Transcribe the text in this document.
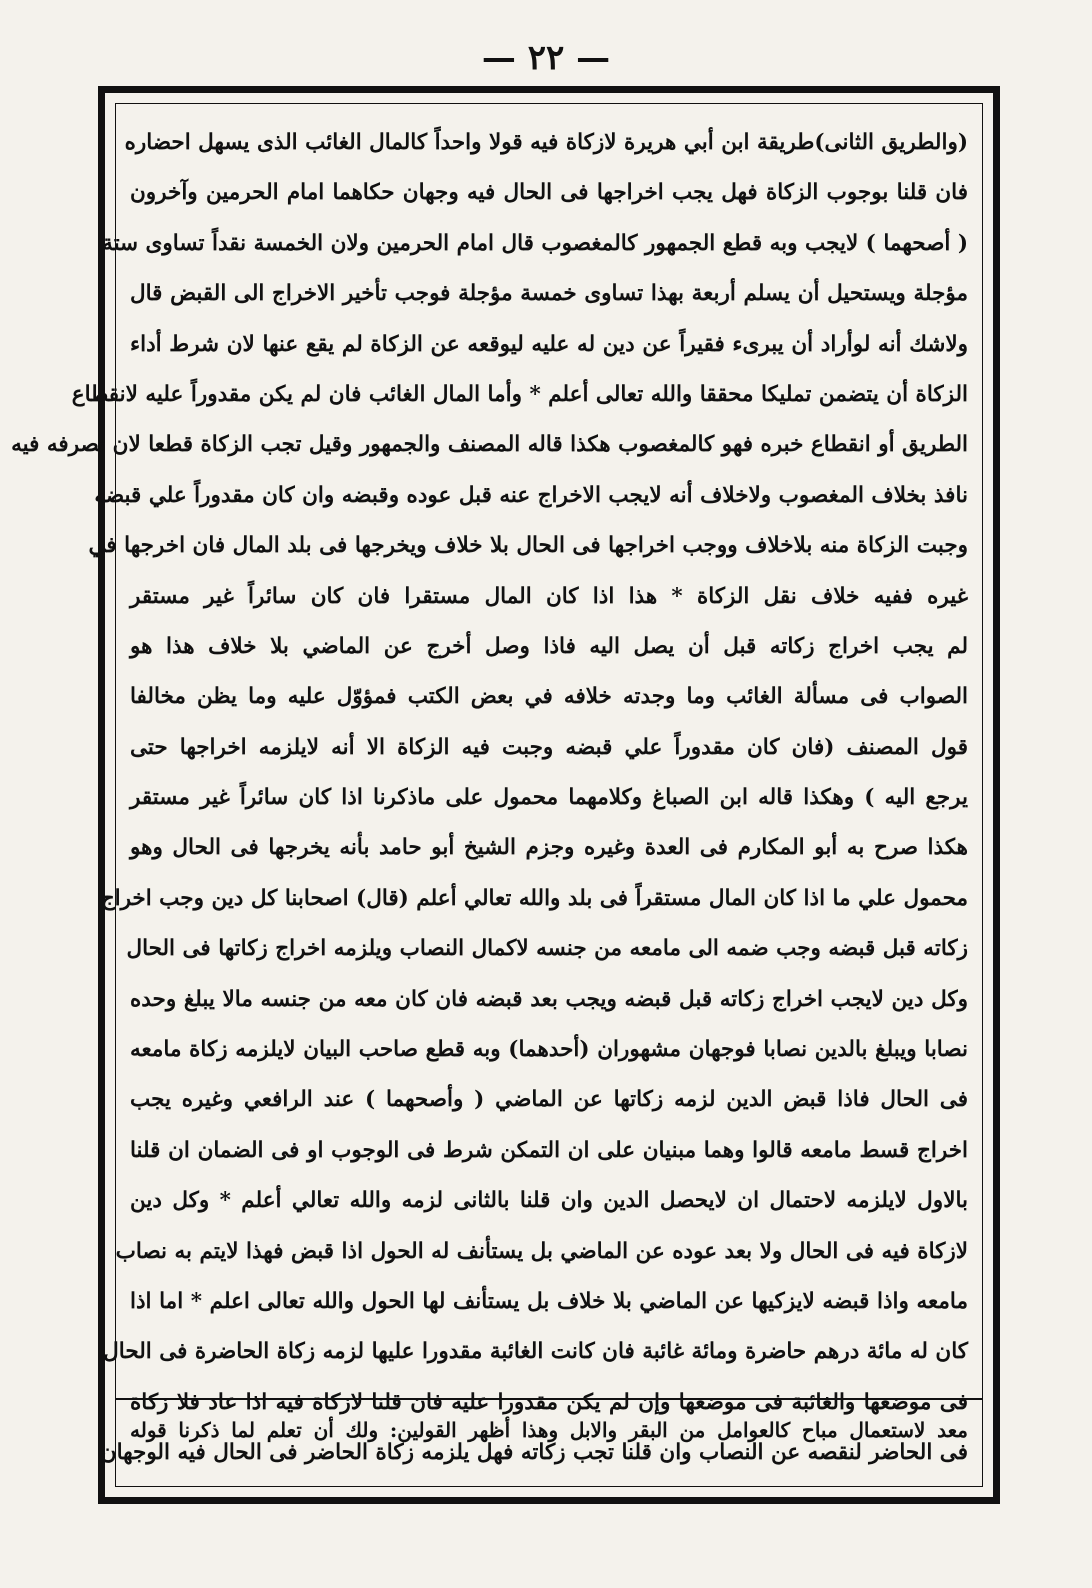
— ٢٢ —
(والطريق الثانى)طريقة ابن أبي هريرة لازكاة فيه قولا واحداً كالمال الغائب الذى يسهل احضاره
فان قلنا بوجوب الزكاة فهل يجب اخراجها فى الحال فيه وجهان حكاهما امام الحرمين وآخرون
( أصحهما ) لايجب وبه قطع الجمهور كالمغصوب قال امام الحرمين ولان الخمسة نقداً تساوى ستة
مؤجلة ويستحيل أن يسلم أربعة بهذا تساوى خمسة مؤجلة فوجب تأخير الاخراج الى القبض قال
ولاشك أنه لوأراد أن يبرىء فقيراً عن دين له عليه ليوقعه عن الزكاة لم يقع عنها لان شرط أداء
الزكاة أن يتضمن تمليكا محققا والله تعالى أعلم * وأما المال الغائب فان لم يكن مقدوراً عليه لانقطاع
الطريق أو انقطاع خبره فهو كالمغصوب هكذا قاله المصنف والجمهور وقيل تجب الزكاة قطعا لان تصرفه فيه
نافذ بخلاف المغصوب ولاخلاف أنه لايجب الاخراج عنه قبل عوده وقبضه وان كان مقدوراً علي قبضه
وجبت الزكاة منه بلاخلاف ووجب اخراجها فى الحال بلا خلاف ويخرجها فى بلد المال فان اخرجها في
غيره ففيه خلاف نقل الزكاة * هذا اذا كان المال مستقرا فان كان سائراً غير مستقر
لم يجب اخراج زكاته قبل أن يصل اليه فاذا وصل أخرج عن الماضي بلا خلاف هذا هو
الصواب فى مسألة الغائب وما وجدته خلافه في بعض الكتب فمؤوّل عليه وما يظن مخالفا
قول المصنف (فان كان مقدوراً علي قبضه وجبت فيه الزكاة الا أنه لايلزمه اخراجها حتى
يرجع اليه ) وهكذا قاله ابن الصباغ وكلامهما محمول على ماذكرنا اذا كان سائراً غير مستقر
هكذا صرح به أبو المكارم فى العدة وغيره وجزم الشيخ أبو حامد بأنه يخرجها فى الحال وهو
محمول علي ما اذا كان المال مستقراً فى بلد والله تعالي أعلم (قال) اصحابنا كل دين وجب اخراج
زكاته قبل قبضه وجب ضمه الى مامعه من جنسه لاكمال النصاب ويلزمه اخراج زكاتها فى الحال
وكل دين لايجب اخراج زكاته قبل قبضه ويجب بعد قبضه فان كان معه من جنسه مالا يبلغ وحده
نصابا ويبلغ بالدين نصابا فوجهان مشهوران (أحدهما) وبه قطع صاحب البيان لايلزمه زكاة مامعه
فى الحال فاذا قبض الدين لزمه زكاتها عن الماضي ( وأصحهما ) عند الرافعي وغيره يجب
اخراج قسط مامعه قالوا وهما مبنيان على ان التمكن شرط فى الوجوب او فى الضمان ان قلنا
بالاول لايلزمه لاحتمال ان لايحصل الدين وان قلنا بالثانى لزمه والله تعالي أعلم * وكل دين
لازكاة فيه فى الحال ولا بعد عوده عن الماضي بل يستأنف له الحول اذا قبض فهذا لايتم به نصاب
مامعه واذا قبضه لايزكيها عن الماضي بلا خلاف بل يستأنف لها الحول والله تعالى اعلم * اما اذا
كان له مائة درهم حاضرة ومائة غائبة فان كانت الغائبة مقدورا عليها لزمه زكاة الحاضرة فى الحال
فى موضعها والغائبة فى موضعها وإن لم يكن مقدورا عليه فان قلنا لازكاة فيه اذا عاد فلا زكاة
فى الحاضر لنقصه عن النصاب وان قلنا تجب زكاته فهل يلزمه زكاة الحاضر فى الحال فيه الوجهان
معد لاستعمال مباح كالعوامل من البقر والابل وهذا أظهر القولين: ولك أن تعلم لما ذكرنا قوله
